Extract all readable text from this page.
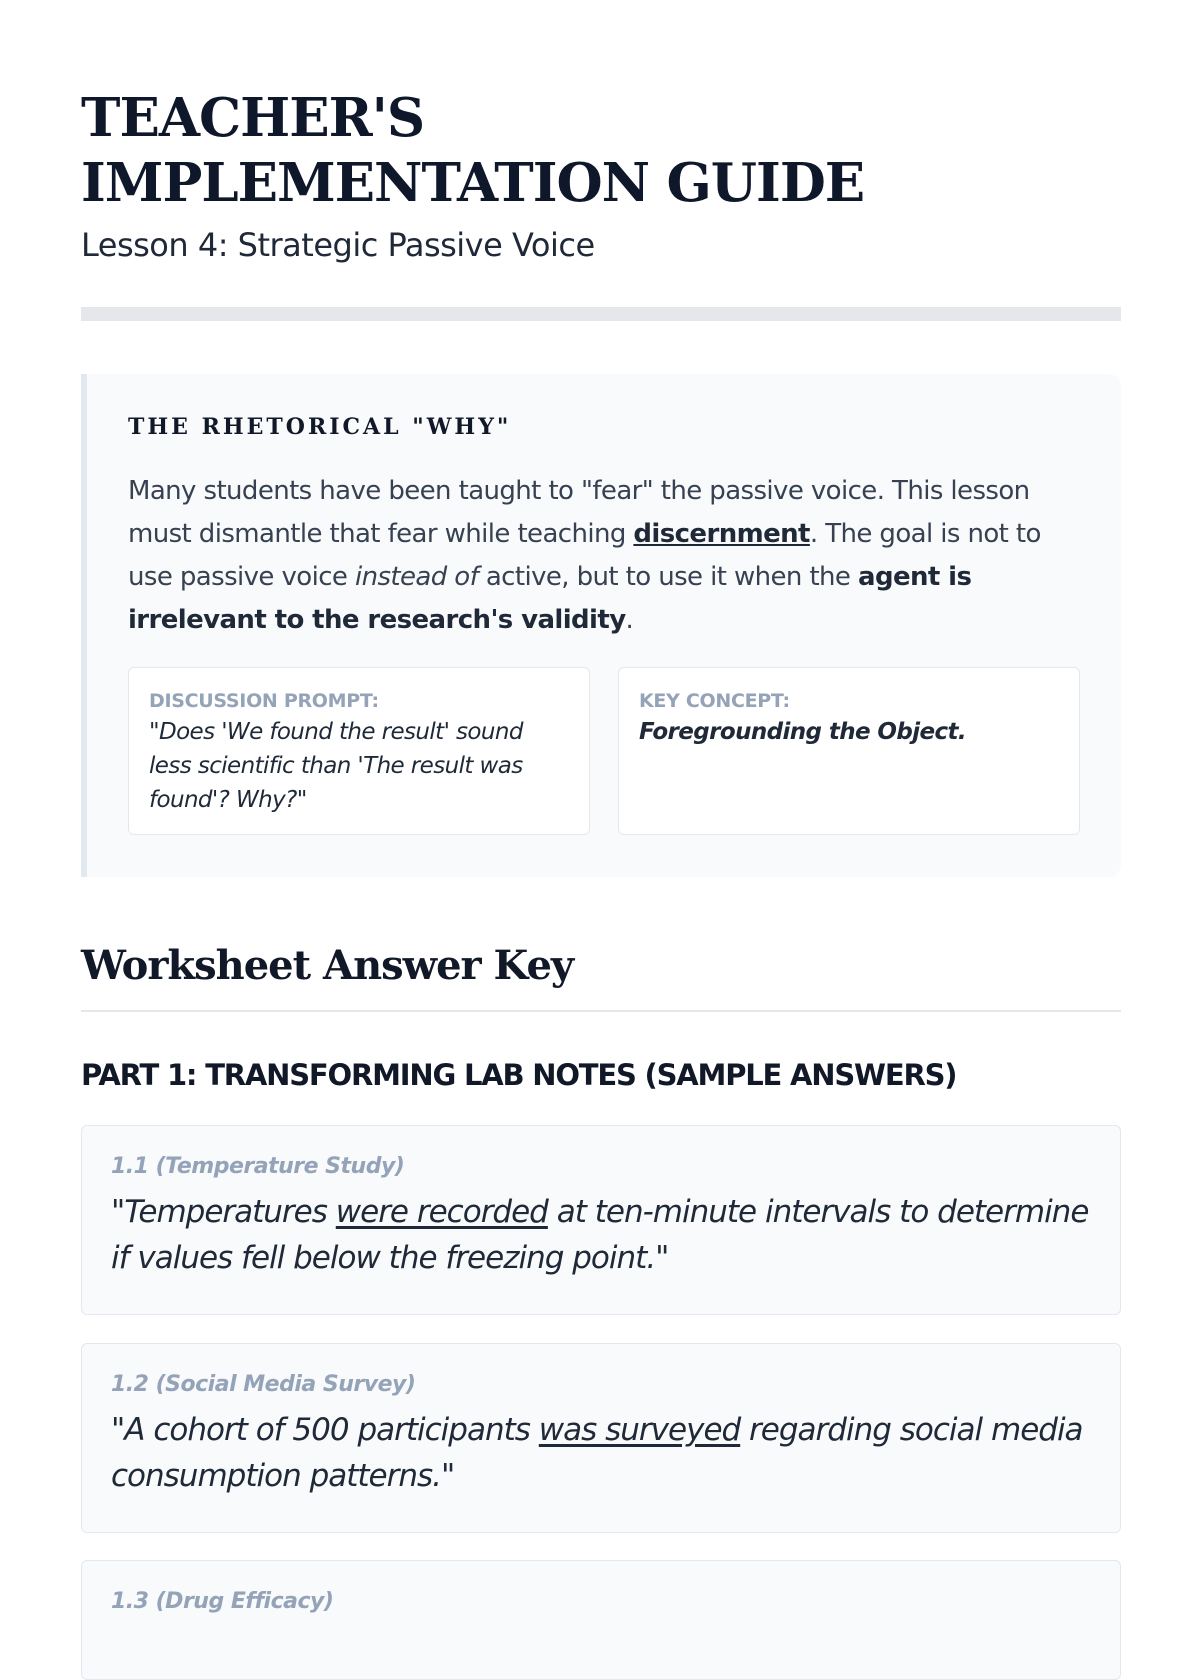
TEACHER'S
IMPLEMENTATION GUIDE

Lesson 4: Strategic Passive Voice

THE RHETORICAL "WHY"

Many students have been taught to "fear" the passive voice. This lesson must dismantle that fear while teaching discernment. The goal is not to use passive voice instead of active, but to use it when the agent is irrelevant to the research's validity.

DISCUSSION PROMPT:
"Does 'We found the result' sound less scientific than 'The result was found'? Why?"
KEY CONCEPT:
Foregrounding the Object.
Worksheet Answer Key
PART 1: TRANSFORMING LAB NOTES (SAMPLE ANSWERS)
1.1 (Temperature Study)
"Temperatures were recorded at ten-minute intervals to determine if values fell below the freezing point."
1.2 (Social Media Survey)
"A cohort of 500 participants was surveyed regarding social media consumption patterns."
1.3 (Drug Efficacy)
